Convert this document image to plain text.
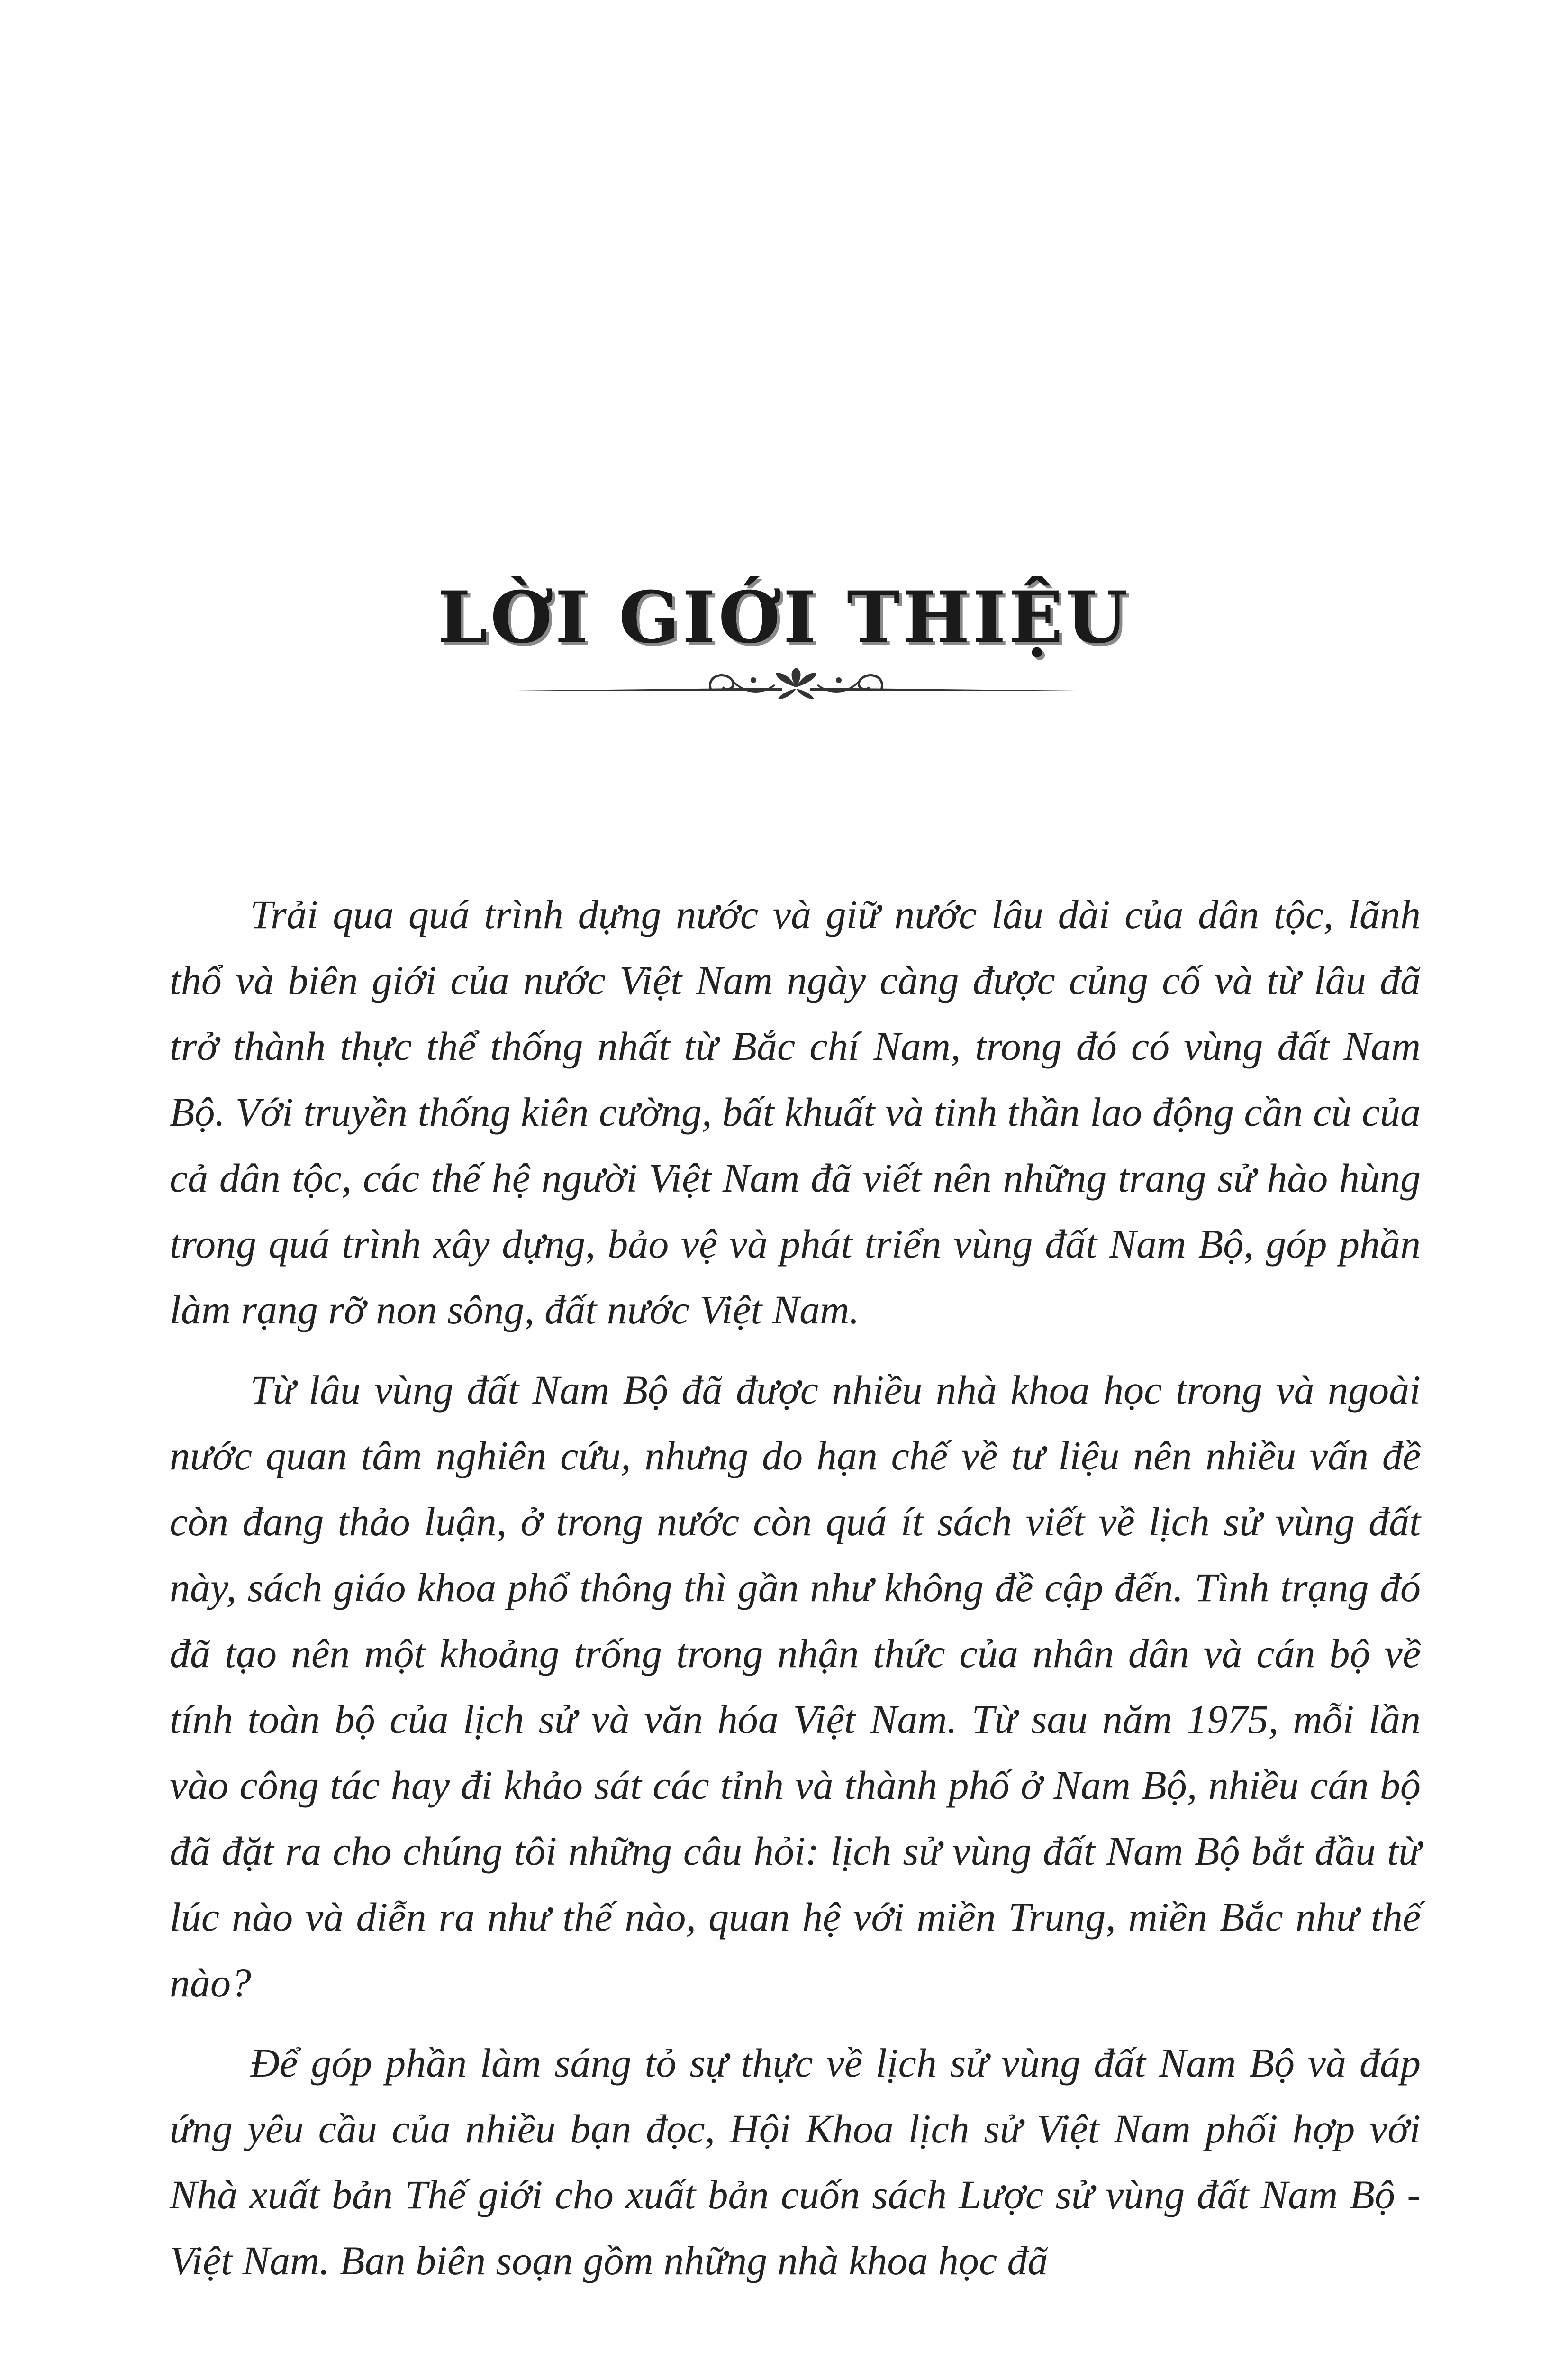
LỜI GIỚI THIỆU

Trải qua quá trình dựng nước và giữ nước lâu dài của dân tộc, lãnh thổ và biên giới của nước Việt Nam ngày càng được củng cố và từ lâu đã trở thành thực thể thống nhất từ Bắc chí Nam, trong đó có vùng đất Nam Bộ. Với truyền thống kiên cường, bất khuất và tinh thần lao động cần cù của cả dân tộc, các thế hệ người Việt Nam đã viết nên những trang sử hào hùng trong quá trình xây dựng, bảo vệ và phát triển vùng đất Nam Bộ, góp phần làm rạng rỡ non sông, đất nước Việt Nam.

Từ lâu vùng đất Nam Bộ đã được nhiều nhà khoa học trong và ngoài nước quan tâm nghiên cứu, nhưng do hạn chế về tư liệu nên nhiều vấn đề còn đang thảo luận, ở trong nước còn quá ít sách viết về lịch sử vùng đất này, sách giáo khoa phổ thông thì gần như không đề cập đến. Tình trạng đó đã tạo nên một khoảng trống trong nhận thức của nhân dân và cán bộ về tính toàn bộ của lịch sử và văn hóa Việt Nam. Từ sau năm 1975, mỗi lần vào công tác hay đi khảo sát các tỉnh và thành phố ở Nam Bộ, nhiều cán bộ đã đặt ra cho chúng tôi những câu hỏi: lịch sử vùng đất Nam Bộ bắt đầu từ lúc nào và diễn ra như thế nào, quan hệ với miền Trung, miền Bắc như thế nào?

Để góp phần làm sáng tỏ sự thực về lịch sử vùng đất Nam Bộ và đáp ứng yêu cầu của nhiều bạn đọc, Hội Khoa lịch sử Việt Nam phối hợp với Nhà xuất bản Thế giới cho xuất bản cuốn sách Lược sử vùng đất Nam Bộ - Việt Nam. Ban biên soạn gồm những nhà khoa học đã
